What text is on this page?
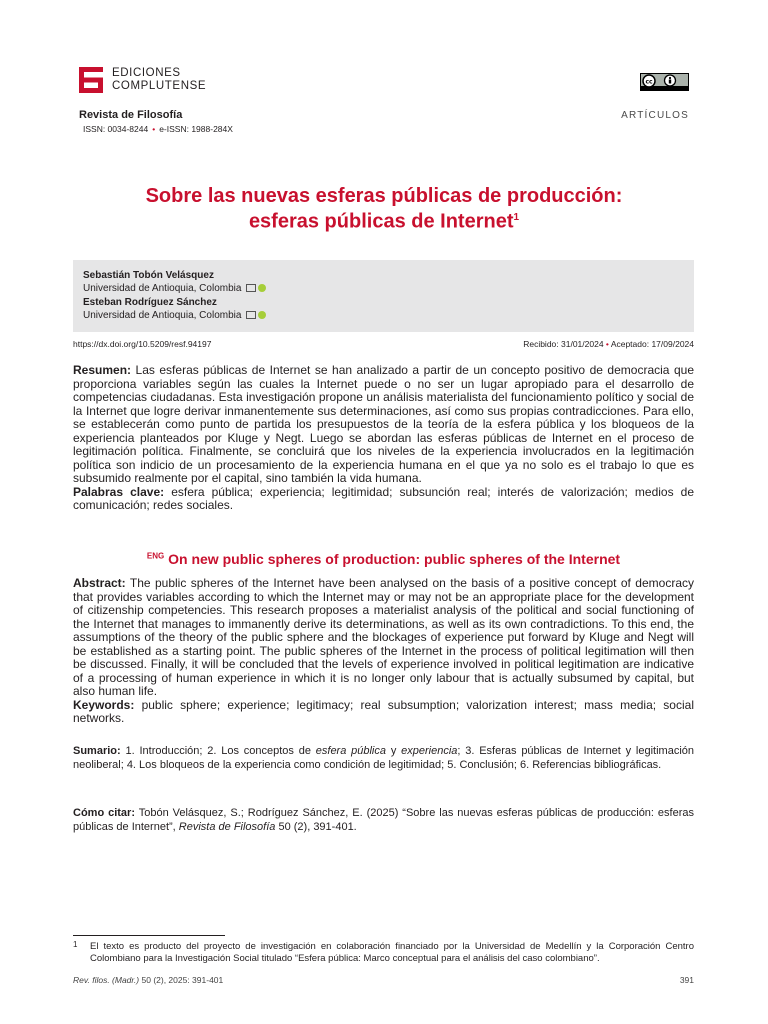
EDICIONES
COMPLUTENSE	cc
Revista de Filosofía
ISSN: 0034-8244 • e-ISSN: 1988-284X
ARTÍCULOS
Sobre las nuevas esferas públicas de producción:
esferas públicas de Internet$^1$
Sebastián Tobón Velásquez
Universidad de Antioquia, Colombia
Esteban Rodríguez Sánchez
Universidad de Antioquia, Colombia
https://dx.doi.org/10.5209/resf.94197	Recibido: 31/01/2024 • Aceptado: 17/09/2024
Resumen: Las esferas públicas de Internet se han analizado a partir de un concepto positivo de democracia que proporciona variables según las cuales la Internet puede o no ser un lugar apropiado para el desarrollo de competencias ciudadanas. Esta investigación propone un análisis materialista del funcionamiento político y social de la Internet que logre derivar inmanentemente sus determinaciones, así como sus propias contradicciones. Para ello, se establecerán como punto de partida los presupuestos de la teoría de la esfera pública y los bloqueos de la experiencia planteados por Kluge y Negt. Luego se abordan las esferas públicas de Internet en el proceso de legitimación política. Finalmente, se concluirá que los niveles de la experiencia involucrados en la legitimación política son indicio de un procesamiento de la experiencia humana en el que ya no solo es el trabajo lo que es subsumido realmente por el capital, sino también la vida humana.
Palabras clave: esfera pública; experiencia; legitimidad; subsunción real; interés de valorización; medios de comunicación; redes sociales.
$^{ENG}$ On new public spheres of production: public spheres of the Internet
Abstract: The public spheres of the Internet have been analysed on the basis of a positive concept of democracy that provides variables according to which the Internet may or may not be an appropriate place for the development of citizenship competencies. This research proposes a materialist analysis of the political and social functioning of the Internet that manages to immanently derive its determinations, as well as its own contradictions. To this end, the assumptions of the theory of the public sphere and the blockages of experience put forward by Kluge and Negt will be established as a starting point. The public spheres of the Internet in the process of political legitimation will then be discussed. Finally, it will be concluded that the levels of experience involved in political legitimation are indicative of a processing of human experience in which it is no longer only labour that is actually subsumed by capital, but also human life.
Keywords: public sphere; experience; legitimacy; real subsumption; valorization interest; mass media; social networks.
Sumario: 1. Introducción; 2. Los conceptos de esfera pública y experiencia; 3. Esferas públicas de Internet y legitimación neoliberal; 4. Los bloqueos de la experiencia como condición de legitimidad; 5. Conclusión; 6. Referencias bibliográficas.
Cómo citar: Tobón Velásquez, S.; Rodríguez Sánchez, E. (2025) “Sobre las nuevas esferas públicas de producción: esferas públicas de Internet”, Revista de Filosofía 50 (2), 391-401.
1 El texto es producto del proyecto de investigación en colaboración financiado por la Universidad de Medellín y la Corporación Centro Colombiano para la Investigación Social titulado “Esfera pública: Marco conceptual para el análisis del caso colombiano”.
Rev. filos. (Madr.) 50 (2), 2025: 391-401	391
